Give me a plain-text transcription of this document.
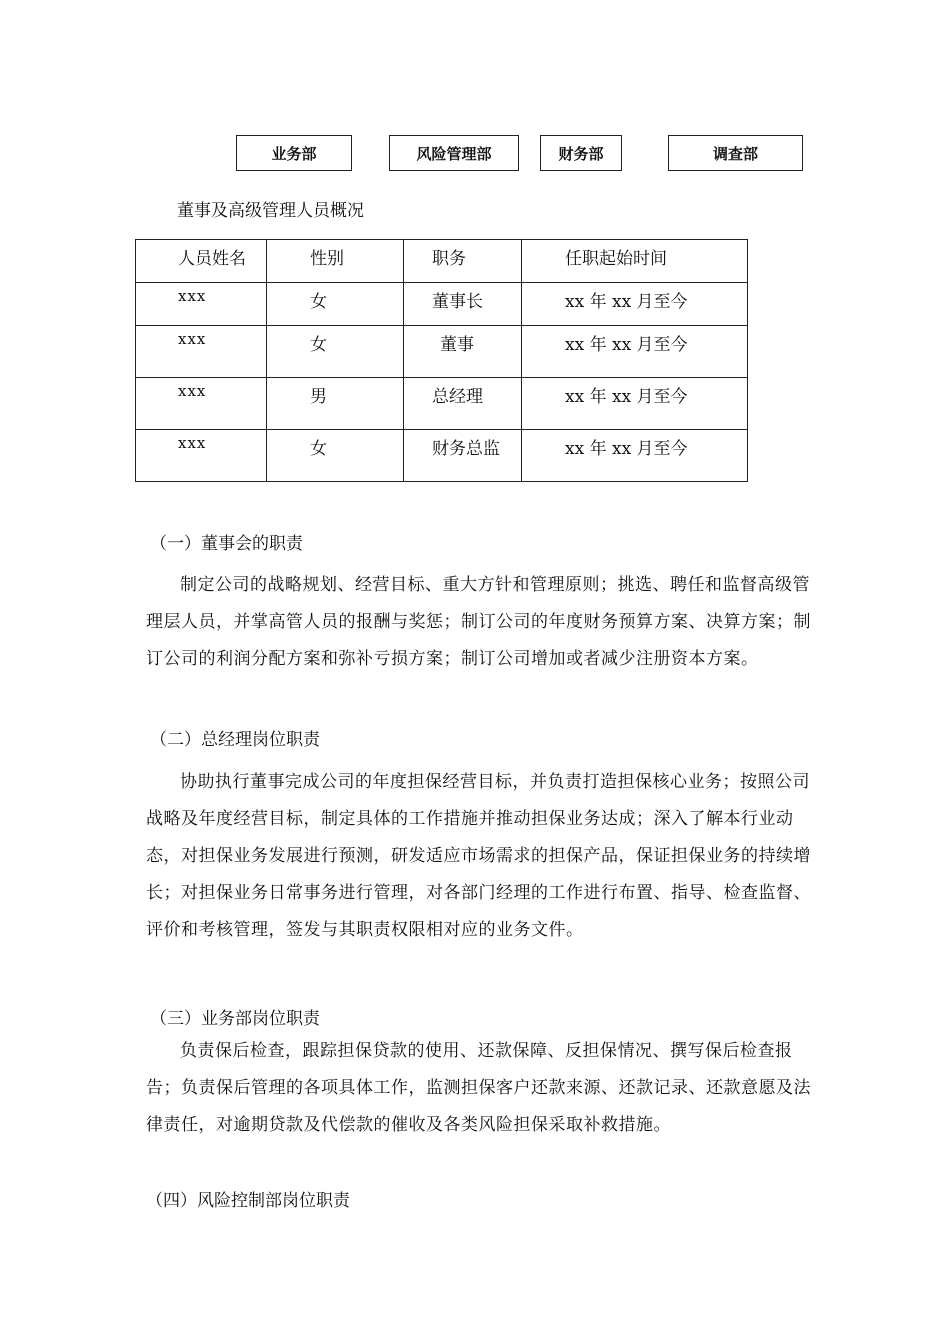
业务部	风险管理部	财务部	调查部
董事及高级管理人员概况
人员姓名	性别	职务	任职起始时间

xxx	女	董事长	xx 年 xx 月至今

xxx	女	董事	xx 年 xx 月至今

xxx	男	总经理	xx 年 xx 月至今

xxx	女	财务总监	xx 年 xx 月至今
（一）董事会的职责

制定公司的战略规划、经营目标、重大方针和管理原则；挑选、聘任和监督高级管理层人员，并掌高管人员的报酬与奖惩；制订公司的年度财务预算方案、决算方案；制订公司的利润分配方案和弥补亏损方案；制订公司增加或者减少注册资本方案。

（二）总经理岗位职责

协助执行董事完成公司的年度担保经营目标，并负责打造担保核心业务；按照公司战略及年度经营目标，制定具体的工作措施并推动担保业务达成；深入了解本行业动态，对担保业务发展进行预测，研发适应市场需求的担保产品，保证担保业务的持续增长；对担保业务日常事务进行管理，对各部门经理的工作进行布置、指导、检查监督、评价和考核管理，签发与其职责权限相对应的业务文件。

（三）业务部岗位职责

负责保后检查，跟踪担保贷款的使用、还款保障、反担保情况、撰写保后检查报告；负责保后管理的各项具体工作，监测担保客户还款来源、还款记录、还款意愿及法律责任，对逾期贷款及代偿款的催收及各类风险担保采取补救措施。

（四）风险控制部岗位职责
